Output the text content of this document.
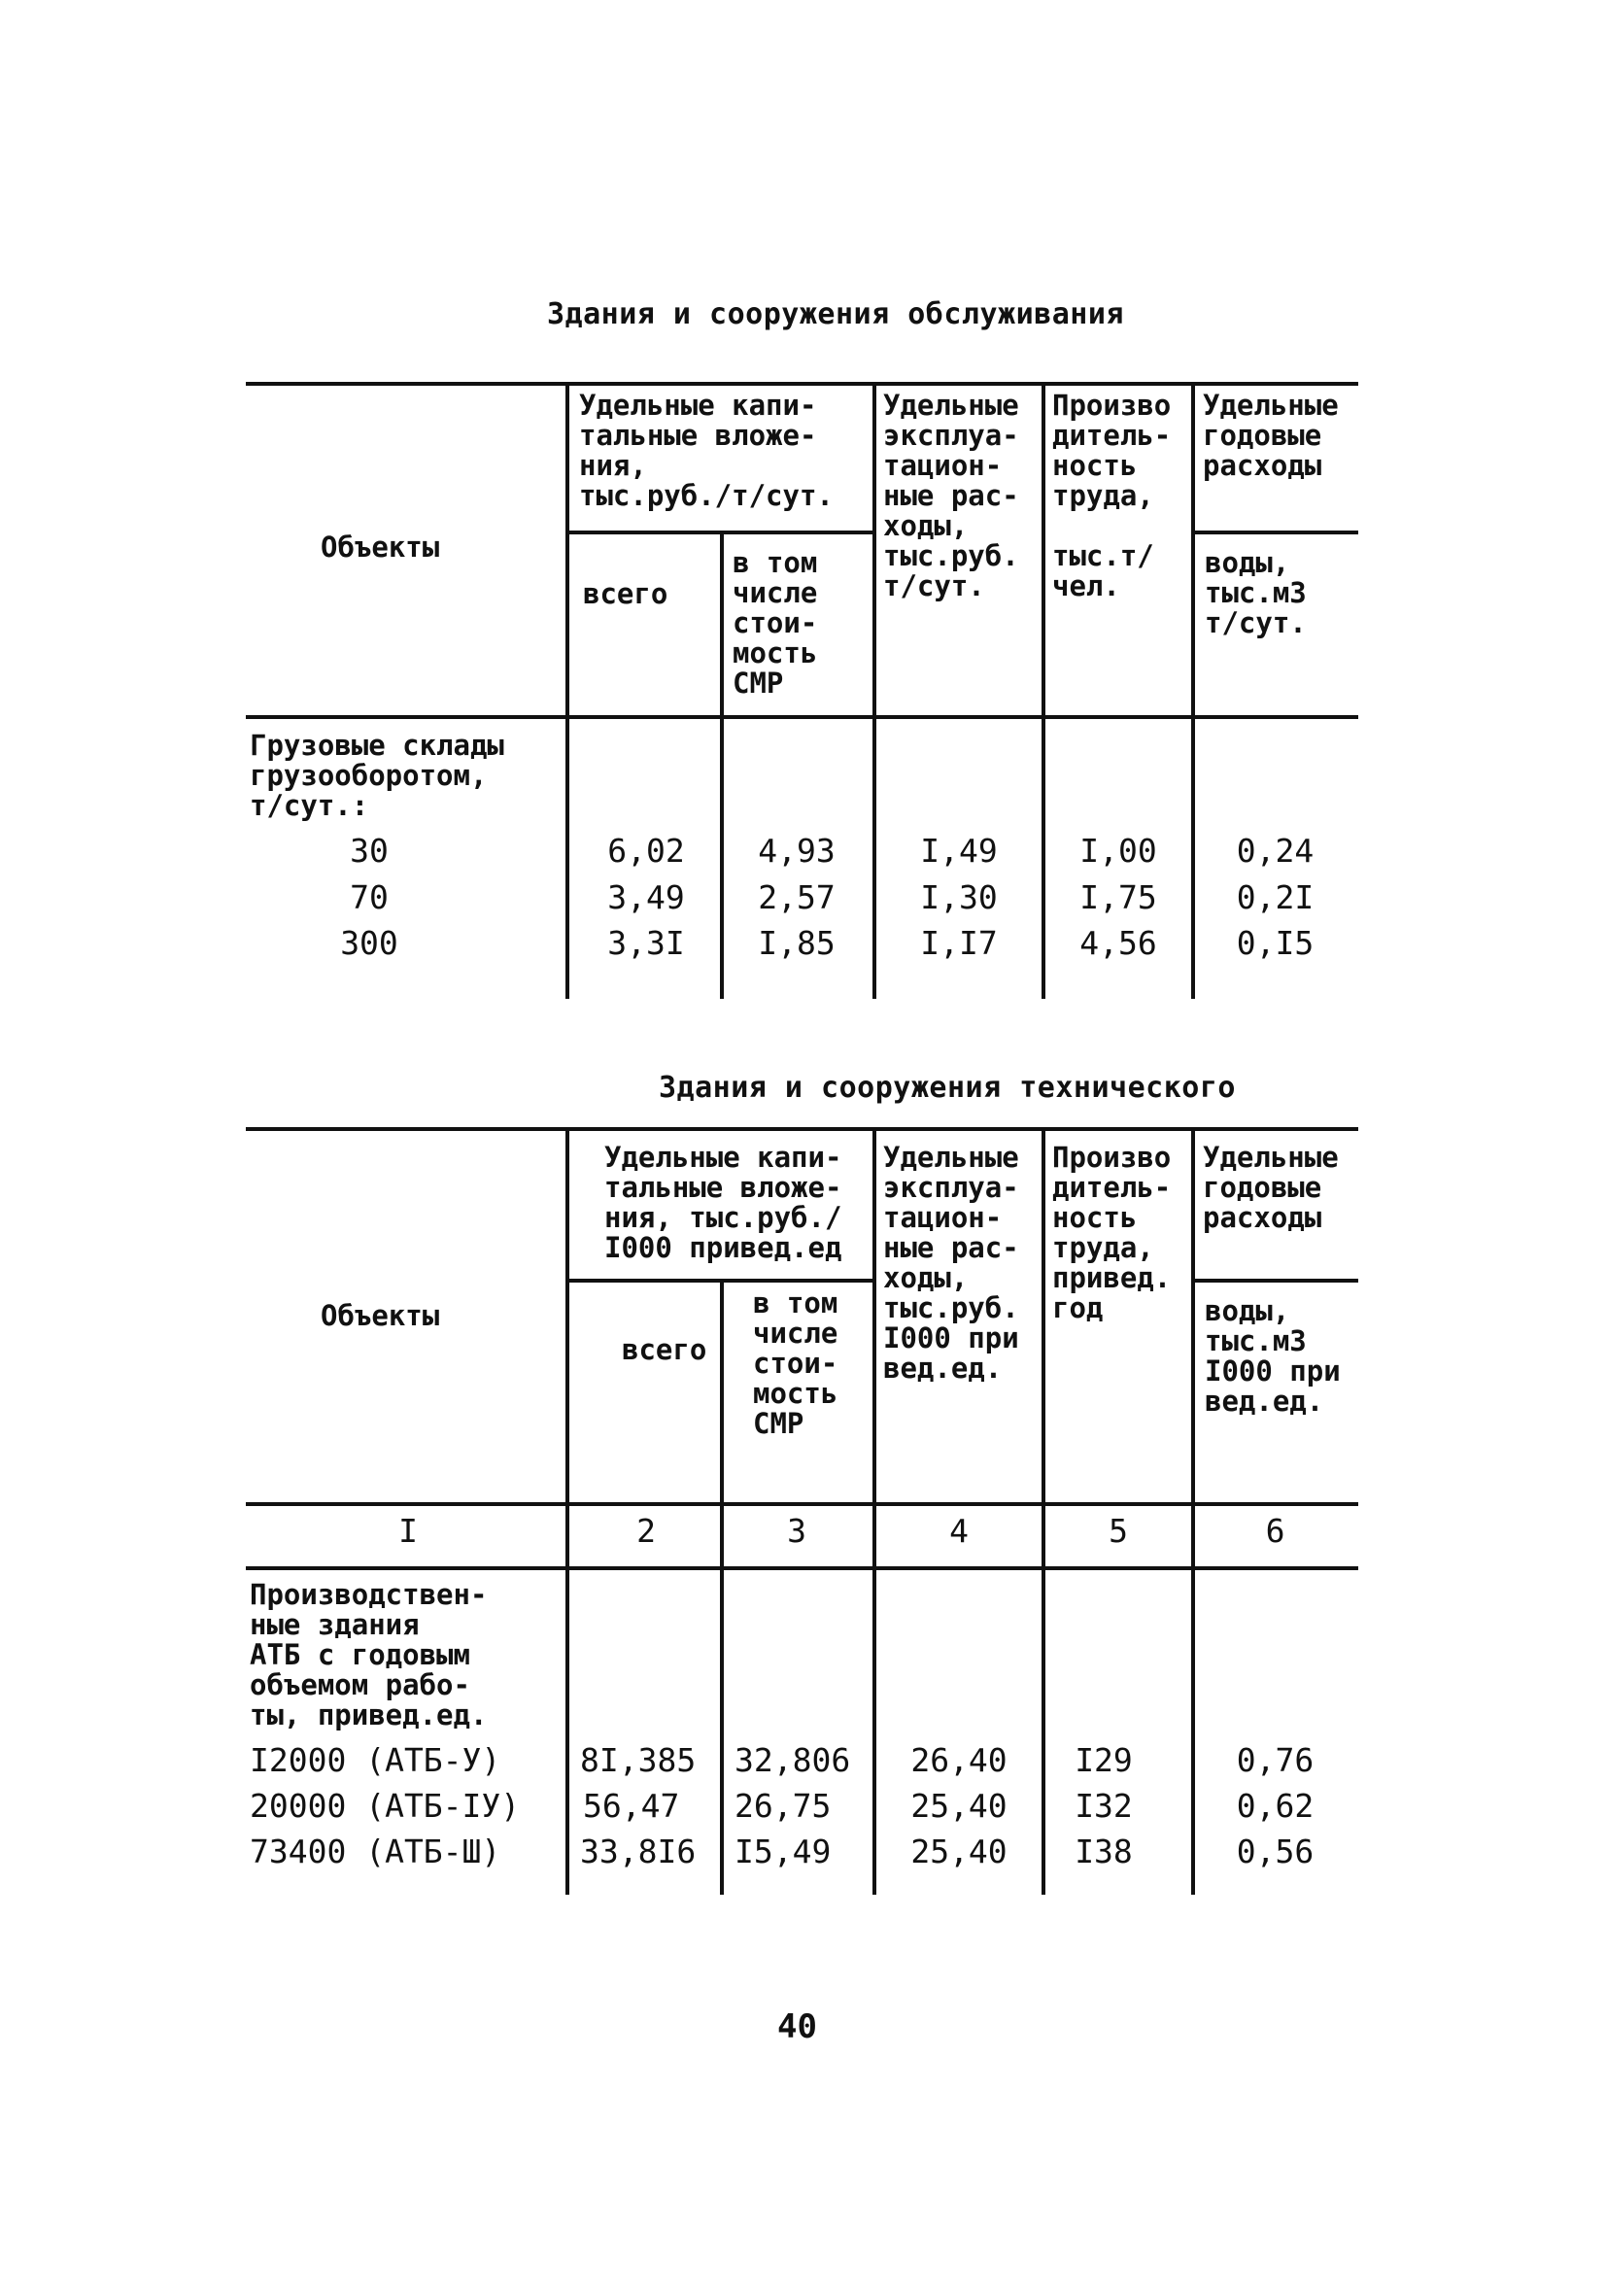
Здания и сооружения обслуживания
Объекты
Удельные капи-
тальные вложе-
ния,
тыс.руб./т/сут.
всего
в том
числе
стои-
мость
СМР
Удельные
эксплуа-
тацион-
ные рас-
ходы,
тыс.руб.
т/сут.
Произво
дитель-
ность
труда,

тыс.т/
чел.
Удельные
годовые
расходы
воды,
тыс.м3
т/сут.
Грузовые склады
грузооборотом,
т/сут.:
30	6,02	4,93	I,49	I,00	0,24
70	3,49	2,57	I,30	I,75	0,2I
300	3,3I	I,85	I,I7	4,56	0,I5
Здания и сооружения технического
Объекты
Удельные капи-
тальные вложе-
ния, тыс.руб./
I000 привед.ед
всего
в том
числе
стои-
мость
СМР
Удельные
эксплуа-
тацион-
ные рас-
ходы,
тыс.руб.
I000 при
вед.ед.
Произво
дитель-
ность
труда,
привед.
год
Удельные
годовые
расходы
воды,
тыс.м3
I000 при
вед.ед.
I	2	3	4	5	6
Производствен-
ные здания
АТБ с годовым
объемом рабо-
ты, привед.ед.
I2000 (АТБ-У) 8I,385 32,806	26,40	I29	0,76
20000 (АТБ-IУ) 56,47 26,75	25,40	I32	0,62
73400 (АТБ-Ш) 33,8I6 I5,49	25,40	I38	0,56
40
